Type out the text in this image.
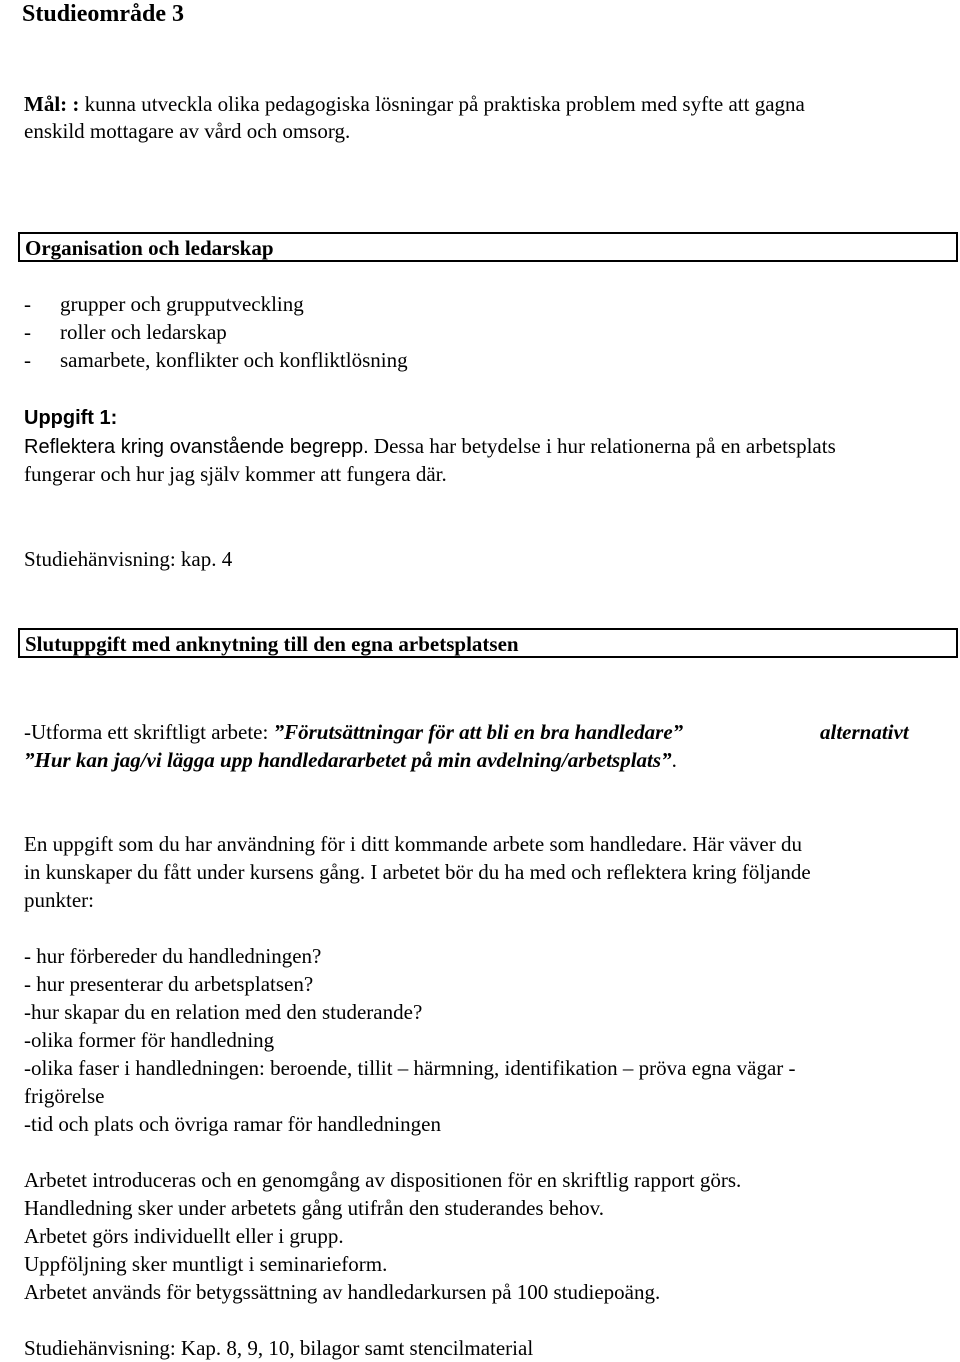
Studieområde 3
Mål: : kunna utveckla olika pedagogiska lösningar på praktiska problem med syfte att gagna
enskild mottagare av vård och omsorg.
Organisation och ledarskap
- grupper och grupputveckling
- roller och ledarskap
- samarbete, konflikter och konfliktlösning
Uppgift 1:
Reflektera kring ovanstående begrepp. Dessa har betydelse i hur relationerna på en arbetsplats
fungerar och hur jag själv kommer att fungera där.
Studiehänvisning: kap. 4
Slutuppgift med anknytning till den egna arbetsplatsen
-Utforma ett skriftligt arbete: ”Förutsättningar för att bli en bra handledare”	alternativt
”Hur kan jag/vi lägga upp handledararbetet på min avdelning/arbetsplats”.
En uppgift som du har användning för i ditt kommande arbete som handledare. Här väver du
in kunskaper du fått under kursens gång. I arbetet bör du ha med och reflektera kring följande
punkter:
- hur förbereder du handledningen?
- hur presenterar du arbetsplatsen?
-hur skapar du en relation med den studerande?
-olika former för handledning
-olika faser i handledningen: beroende, tillit – härmning, identifikation – pröva egna vägar -
frigörelse
-tid och plats och övriga ramar för handledningen
Arbetet introduceras och en genomgång av dispositionen för en skriftlig rapport görs.
Handledning sker under arbetets gång utifrån den studerandes behov.
Arbetet görs individuellt eller i grupp.
Uppföljning sker muntligt i seminarieform.
Arbetet används för betygssättning av handledarkursen på 100 studiepoäng.
Studiehänvisning: Kap. 8, 9, 10, bilagor samt stencilmaterial
